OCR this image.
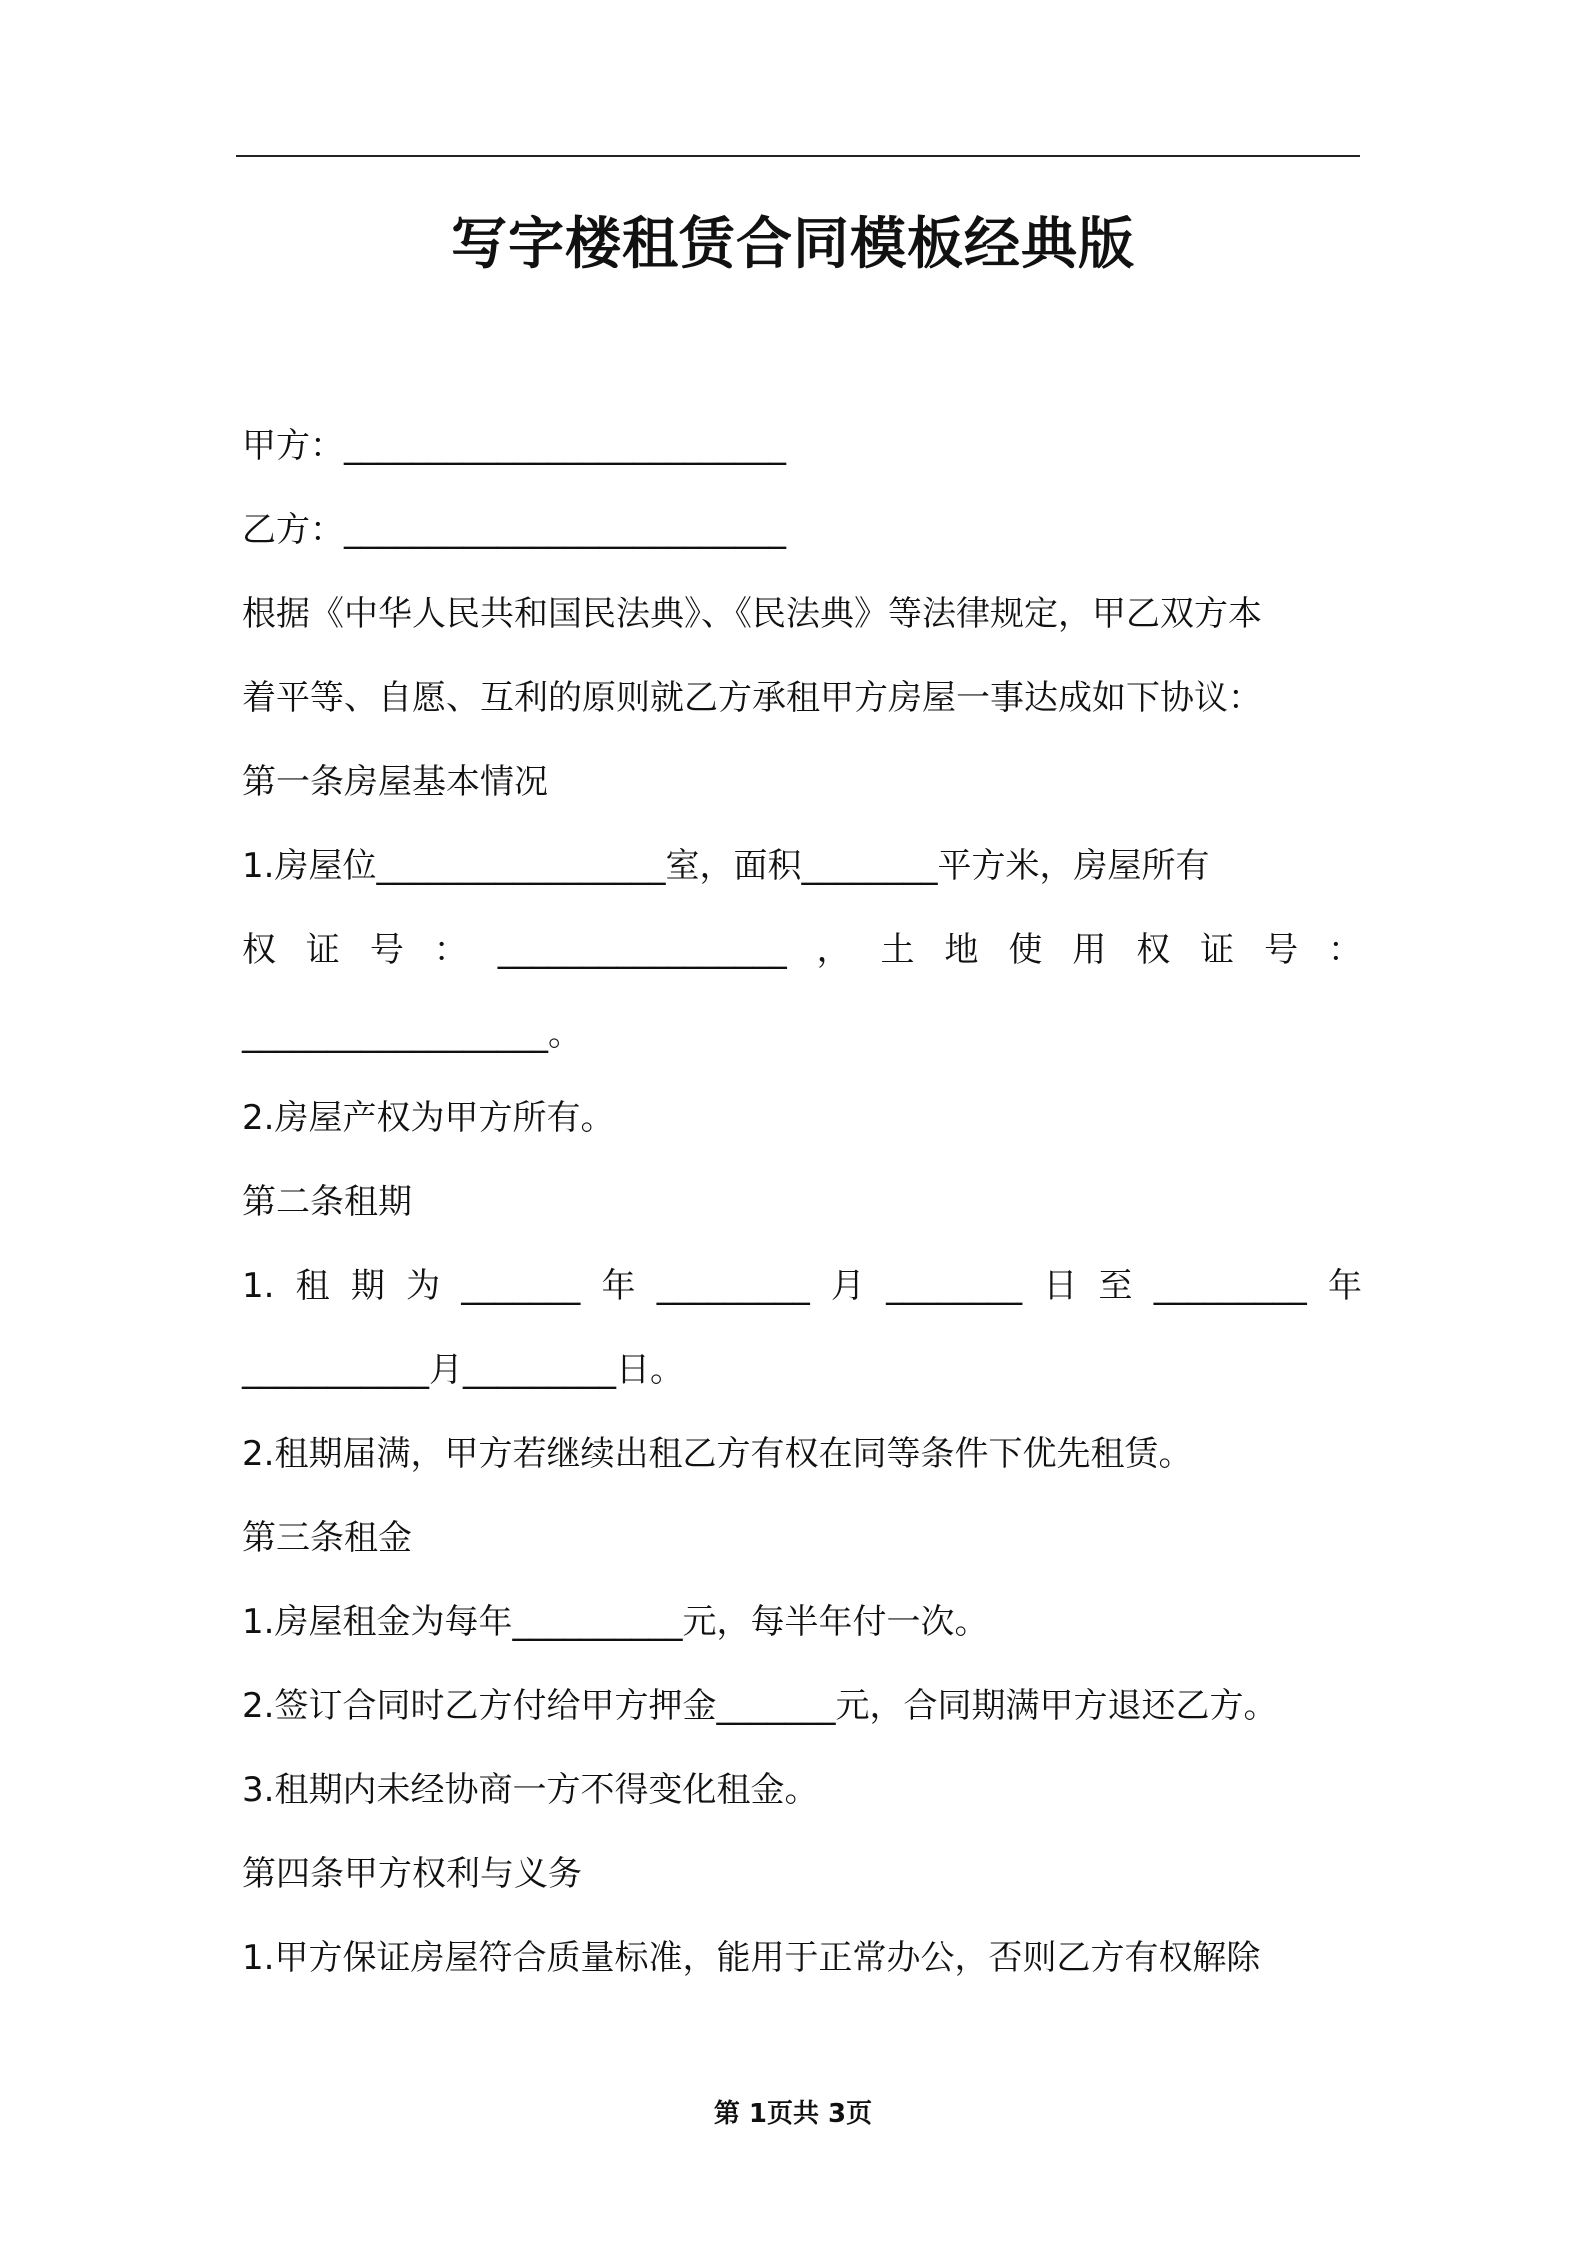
写字楼租赁合同模板经典版
甲方：__________________________
乙方：__________________________
根据《中华人民共和国民法典》、《民法典》等法律规定，甲乙双方本
着平等、自愿、互利的原则就乙方承租甲方房屋一事达成如下协议：
第一条房屋基本情况
1.房屋位_________________室，面积________平方米，房屋所有
权证号：_________________，土地使用权证号：
__________________。
2.房屋产权为甲方所有。
第二条租期
1.租期为_______年_________月________日至_________年
___________月_________日。
2.租期届满，甲方若继续出租乙方有权在同等条件下优先租赁。
第三条租金
1.房屋租金为每年__________元，每半年付一次。
2.签订合同时乙方付给甲方押金_______元，合同期满甲方退还乙方。
3.租期内未经协商一方不得变化租金。
第四条甲方权利与义务
1.甲方保证房屋符合质量标准，能用于正常办公，否则乙方有权解除
第 1页共 3页
